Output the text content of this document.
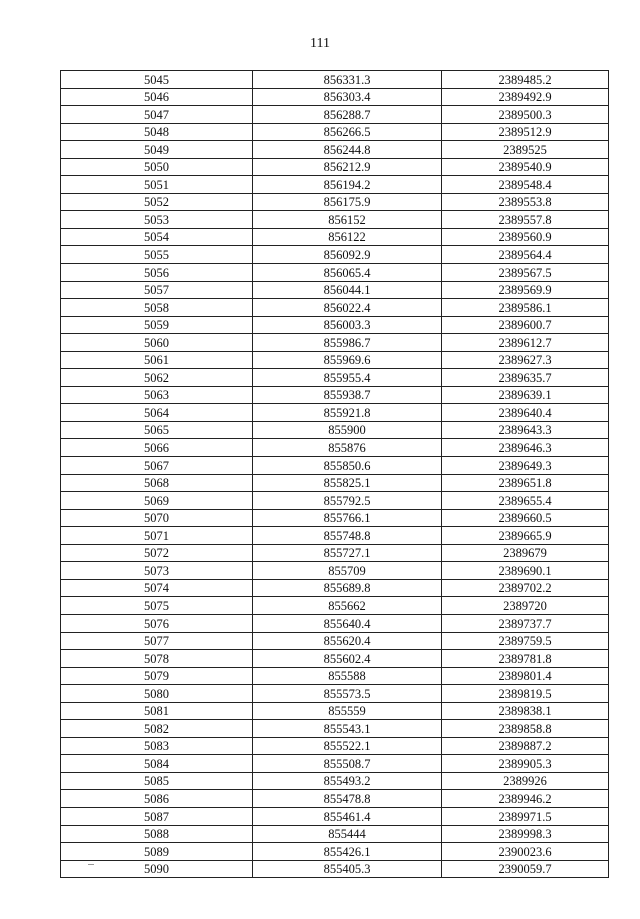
111
5045	856331.3	2389485.2
5046	856303.4	2389492.9
5047	856288.7	2389500.3
5048	856266.5	2389512.9
5049	856244.8	2389525
5050	856212.9	2389540.9
5051	856194.2	2389548.4
5052	856175.9	2389553.8
5053	856152	2389557.8
5054	856122	2389560.9
5055	856092.9	2389564.4
5056	856065.4	2389567.5
5057	856044.1	2389569.9
5058	856022.4	2389586.1
5059	856003.3	2389600.7
5060	855986.7	2389612.7
5061	855969.6	2389627.3
5062	855955.4	2389635.7
5063	855938.7	2389639.1
5064	855921.8	2389640.4
5065	855900	2389643.3
5066	855876	2389646.3
5067	855850.6	2389649.3
5068	855825.1	2389651.8
5069	855792.5	2389655.4
5070	855766.1	2389660.5
5071	855748.8	2389665.9
5072	855727.1	2389679
5073	855709	2389690.1
5074	855689.8	2389702.2
5075	855662	2389720
5076	855640.4	2389737.7
5077	855620.4	2389759.5
5078	855602.4	2389781.8
5079	855588	2389801.4
5080	855573.5	2389819.5
5081	855559	2389838.1
5082	855543.1	2389858.8
5083	855522.1	2389887.2
5084	855508.7	2389905.3
5085	855493.2	2389926
5086	855478.8	2389946.2
5087	855461.4	2389971.5
5088	855444	2389998.3
5089	855426.1	2390023.6
5090	855405.3	2390059.7
